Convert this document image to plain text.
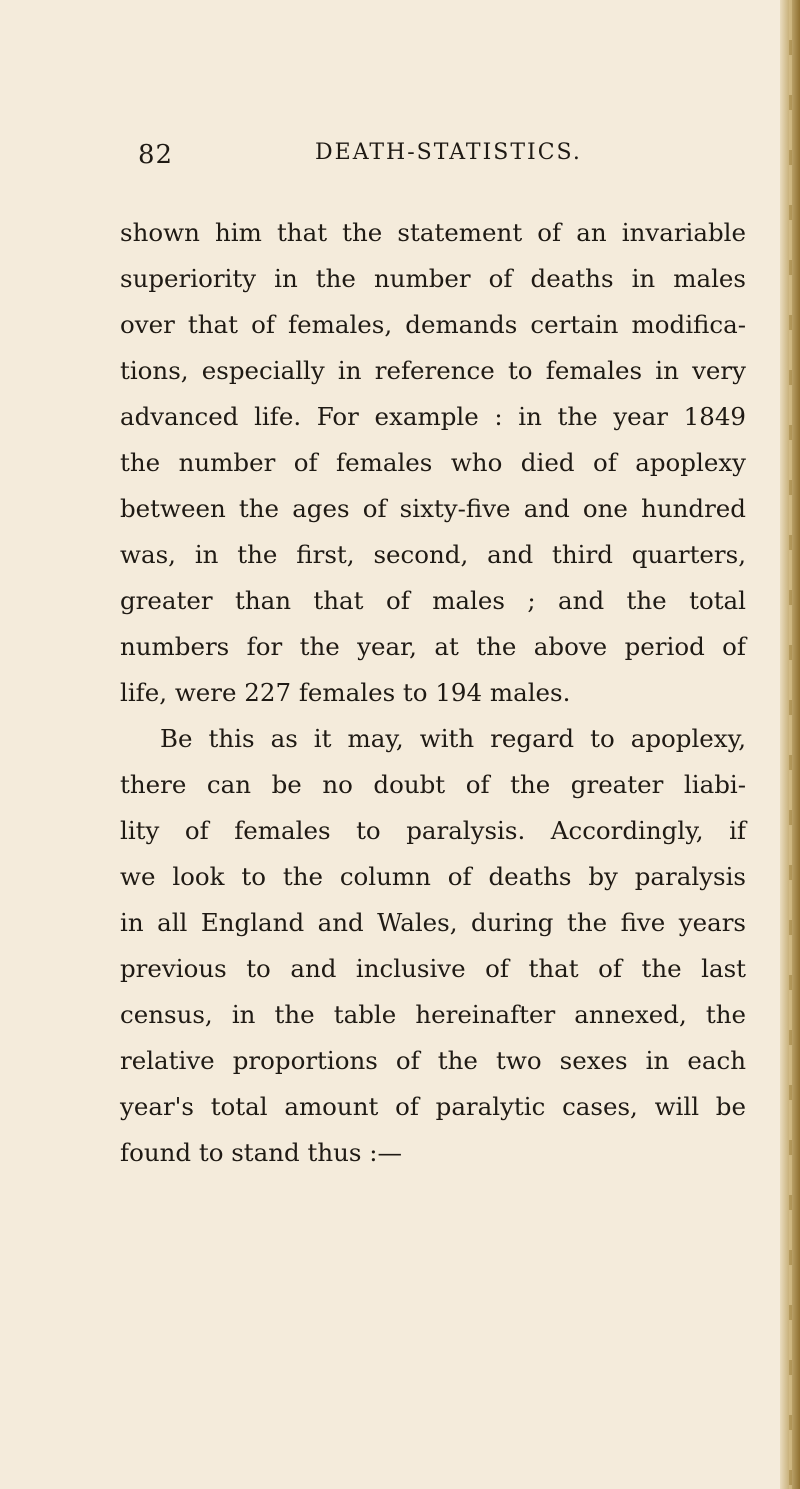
82	DEATH-STATISTICS.
shown him that the statement of an invariable
superiority in the number of deaths in males
over that of females, demands certain modifica-
tions, especially in reference to females in very
advanced life. For example : in the year 1849
the number of females who died of apoplexy
between the ages of sixty-five and one hundred
was, in the first, second, and third quarters,
greater than that of males ; and the total
numbers for the year, at the above period of
life, were 227 females to 194 males.
Be this as it may, with regard to apoplexy,
there can be no doubt of the greater liabi-
lity of females to paralysis. Accordingly, if
we look to the column of deaths by paralysis
in all England and Wales, during the five years
previous to and inclusive of that of the last
census, in the table hereinafter annexed, the
relative proportions of the two sexes in each
year's total amount of paralytic cases, will be
found to stand thus :—
